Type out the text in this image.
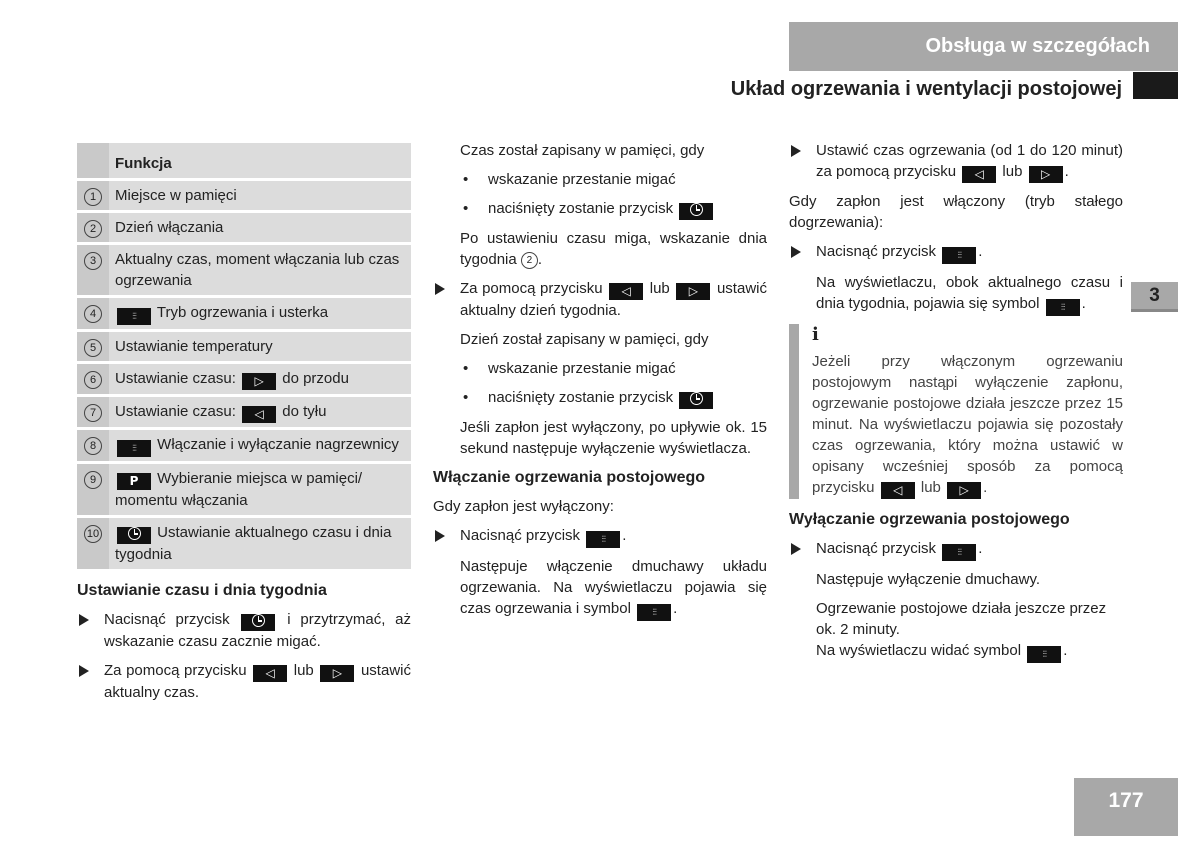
Obsługa w szczegółach
Układ ogrzewania i wentylacji postojowej
3
177
	Funkcja
1	Miejsce w pamięci
2	Dzień włączania
3	Aktualny czas, moment włączania lub czas ogrzewania
4	⫶⫶⫶ Tryb ogrzewania i usterka
5	Ustawianie temperatury
6	Ustawianie czasu: ▷ do przodu
7	Ustawianie czasu: ◁ do tyłu
8	⫶⫶⫶ Włączanie i wyłączanie nagrzewnicy
9	P Wybieranie miejsca w pamięci/ momentu włączania
10	Ustawianie aktualnego czasu i dnia tygodnia
Ustawianie czasu i dnia tygodnia
Nacisnąć przycisk	i przytrzymać, aż wskazanie czasu zacznie migać.
Za pomocą przycisku ◁ lub ▷ ustawić aktualny czas.

Czas został zapisany w pamięci, gdy

• wskazanie przestanie migać
• naciśnięty zostanie przycisk

Po ustawieniu czasu miga, wskazanie dnia tygodnia 2 .

Za pomocą przycisku ◁ lub ▷ ustawić aktualny dzień tygodnia.

Dzień został zapisany w pamięci, gdy

• wskazanie przestanie migać
• naciśnięty zostanie przycisk

Jeśli zapłon jest wyłączony, po upływie ok. 15 sekund następuje wyłączenie wyświetlacza.

Włączanie ogrzewania postojowego

Gdy zapłon jest wyłączony:

Nacisnąć przycisk ⫶⫶⫶ .

Następuje włączenie dmuchawy układu ogrzewania. Na wyświetlaczu pojawia się czas ogrzewania i symbol ⫶⫶⫶ .

Ustawić czas ogrzewania (od 1 do 120 minut) za pomocą przycisku ◁ lub ▷ .

Gdy zapłon jest włączony (tryb stałego dogrzewania):

Nacisnąć przycisk ⫶⫶⫶ .

Na wyświetlaczu, obok aktualnego czasu i dnia tygodnia, pojawia się symbol ⫶⫶⫶ .

i
Jeżeli przy włączonym ogrzewaniu postojowym nastąpi wyłączenie zapłonu, ogrzewanie postojowe działa jeszcze przez 15 minut. Na wyświetlaczu pojawia się pozostały czas ogrzewania, który można ustawić w opisany wcześniej sposób za pomocą przycisku ◁ lub ▷ .
Wyłączanie ogrzewania postojowego
Nacisnąć przycisk ⫶⫶⫶ .

Następuje wyłączenie dmuchawy.

Ogrzewanie postojowe działa jeszcze przez ok. 2 minuty.

Na wyświetlaczu widać symbol ⫶⫶⫶ .
